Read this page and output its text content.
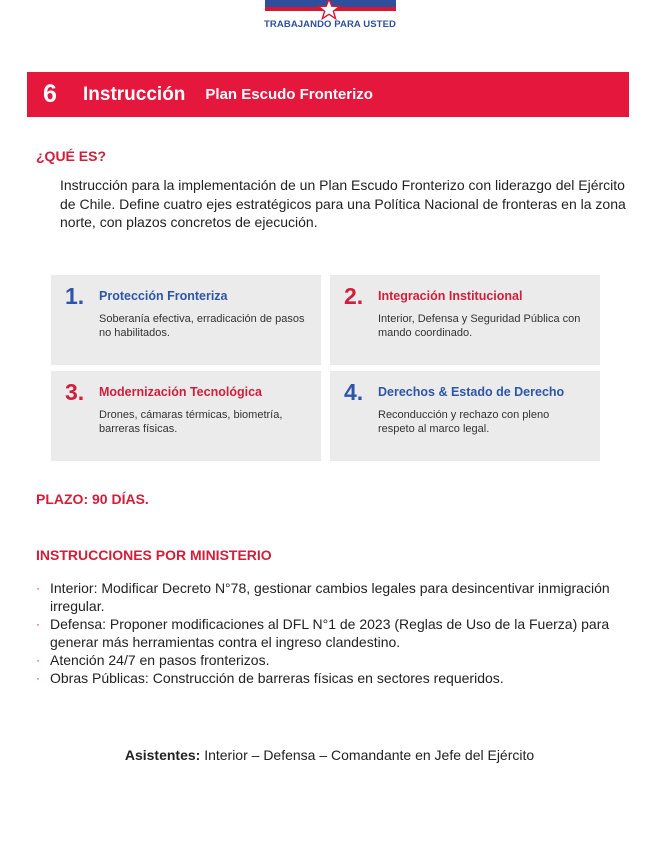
TRABAJANDO PARA USTED
6	Instrucción Plan Escudo Fronterizo
¿QUÉ ES?
Instrucción para la implementación de un Plan Escudo Fronterizo con liderazgo del Ejército de Chile. Define cuatro ejes estratégicos para una Política Nacional de fronteras en la zona norte, con plazos concretos de ejecución.
1. Protección Fronteriza
Soberanía efectiva, erradicación de pasos no habilitados.
2. Integración Institucional
Interior, Defensa y Seguridad Pública con mando coordinado.
3. Modernización Tecnológica
Drones, cámaras térmicas, biometría, barreras físicas.
4. Derechos & Estado de Derecho
Reconducción y rechazo con pleno respeto al marco legal.
PLAZO: 90 DÍAS.
INSTRUCCIONES POR MINISTERIO
· Interior: Modificar Decreto N°78, gestionar cambios legales para desincentivar inmigración irregular.
· Defensa: Proponer modificaciones al DFL N°1 de 2023 (Reglas de Uso de la Fuerza) para generar más herramientas contra el ingreso clandestino.
· Atención 24/7 en pasos fronterizos.
· Obras Públicas: Construcción de barreras físicas en sectores requeridos.
Asistentes: Interior – Defensa – Comandante en Jefe del Ejército
